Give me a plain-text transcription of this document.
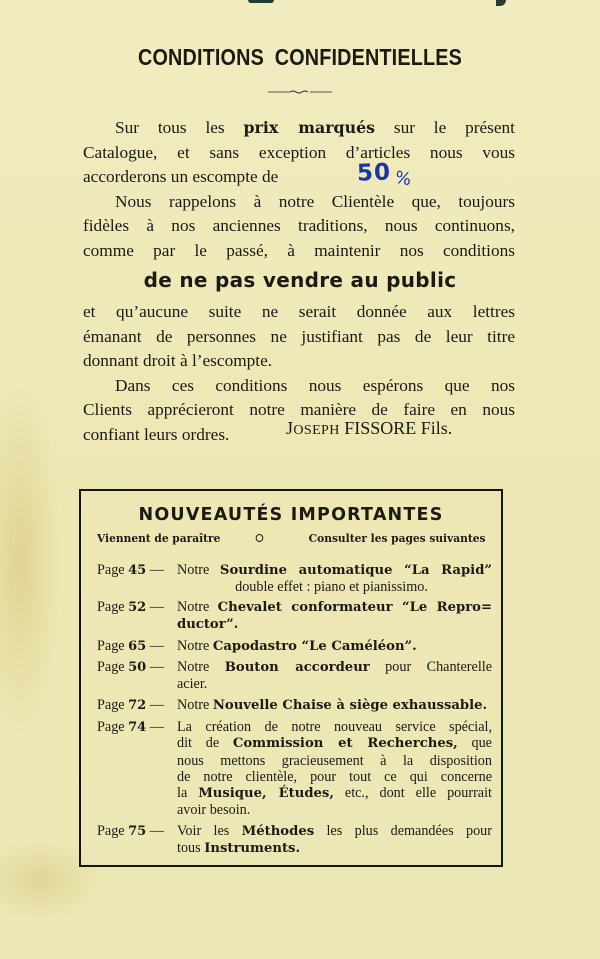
CONDITIONS CONFIDENTIELLES
Sur tous les prix marqués sur le présent
Catalogue, et sans exception d’articles nous vous
accorderons un escompte de
Nous rappelons à notre Clientèle que, toujours
fidèles à nos anciennes traditions, nous continuons,
comme par le passé, à maintenir nos conditions
50 %
de ne pas vendre au public
et qu’aucune suite ne serait donnée aux lettres
émanant de personnes ne justifiant pas de leur titre
donnant droit à l’escompte.
Dans ces conditions nous espérons que nos
Clients apprécieront notre manière de faire en nous
confiant leurs ordres.	JOSEPH FISSORE Fils.
NOUVEAUTÉS IMPORTANTES
Viennent de paraître	Consulter les pages suivantes
Page 45 — Notre Sourdine automatique “La Rapid”
double effet : piano et pianissimo.
Page 52 — Notre Chevalet conformateur “Le Repro=
ductor”.
Page 65 — Notre Capodastro “Le Caméléon”.
Page 50 — Notre Bouton accordeur pour Chanterelle
acier.
Page 72 — Notre Nouvelle Chaise à siège exhaussable.
Page 74 — La création de notre nouveau service spécial,
dit de Commission et Recherches, que
nous mettons gracieusement à la disposition
de notre clientèle, pour tout ce qui concerne
la Musique, Études, etc., dont elle pourrait
avoir besoin.
Page 75 — Voir les Méthodes les plus demandées pour
tous Instruments.
